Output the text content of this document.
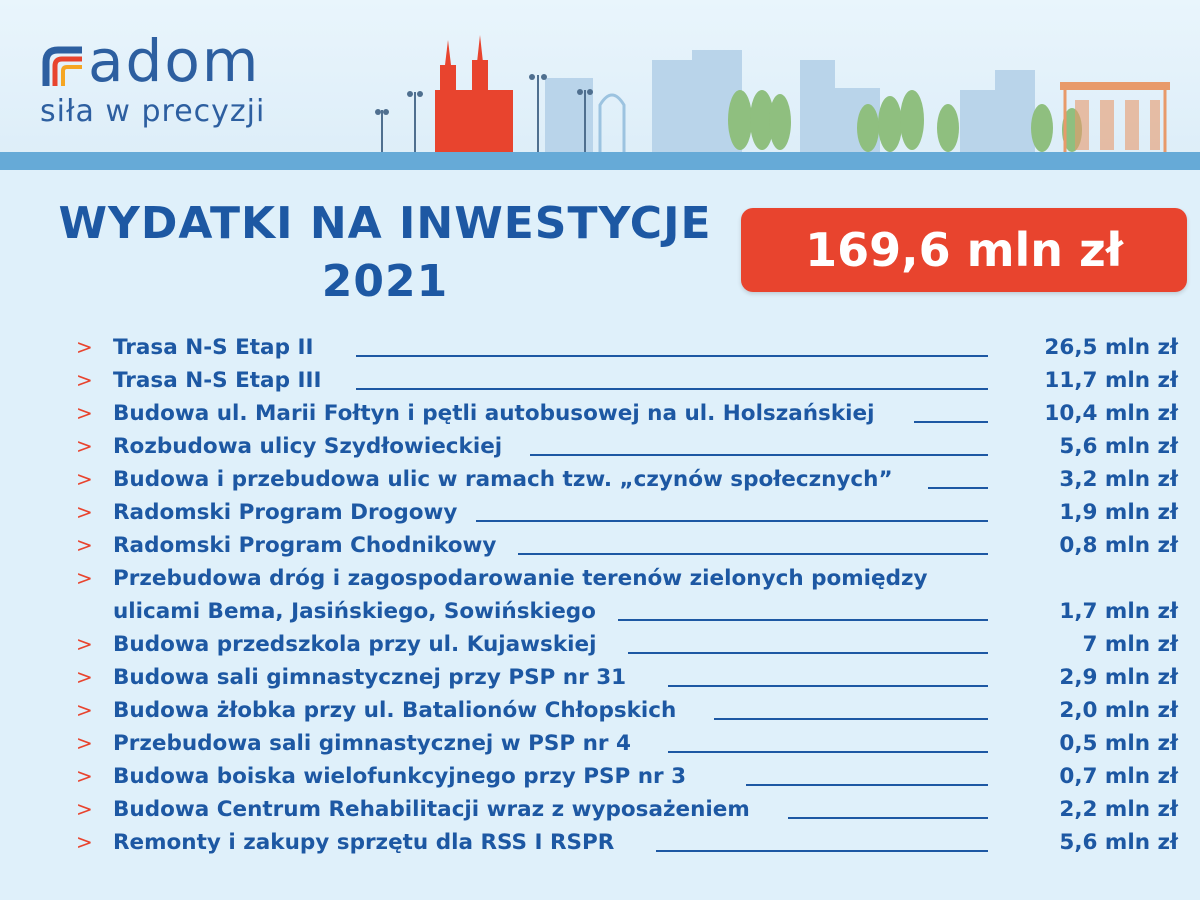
adom
siła w precyzji
WYDATKI NA INWESTYCJE
2021
169,6 mln zł
> Trasa N-S Etap II	26,5 mln zł
> Trasa N-S Etap III	11,7 mln zł
> Budowa ul. Marii Fołtyn i pętli autobusowej na ul. Holszańskiej	10,4 mln zł
> Rozbudowa ulicy Szydłowieckiej	5,6 mln zł
> Budowa i przebudowa ulic w ramach tzw. „czynów społecznych”	3,2 mln zł
> Radomski Program Drogowy	1,9 mln zł
> Radomski Program Chodnikowy	0,8 mln zł
> Przebudowa dróg i zagospodarowanie terenów zielonych pomiędzy
ulicami Bema, Jasińskiego, Sowińskiego	1,7 mln zł
> Budowa przedszkola przy ul. Kujawskiej	7 mln zł
> Budowa sali gimnastycznej przy PSP nr 31	2,9 mln zł
> Budowa żłobka przy ul. Batalionów Chłopskich	2,0 mln zł
> Przebudowa sali gimnastycznej w PSP nr 4	0,5 mln zł
> Budowa boiska wielofunkcyjnego przy PSP nr 3	0,7 mln zł
> Budowa Centrum Rehabilitacji wraz z wyposażeniem	2,2 mln zł
> Remonty i zakupy sprzętu dla RSS I RSPR	5,6 mln zł
